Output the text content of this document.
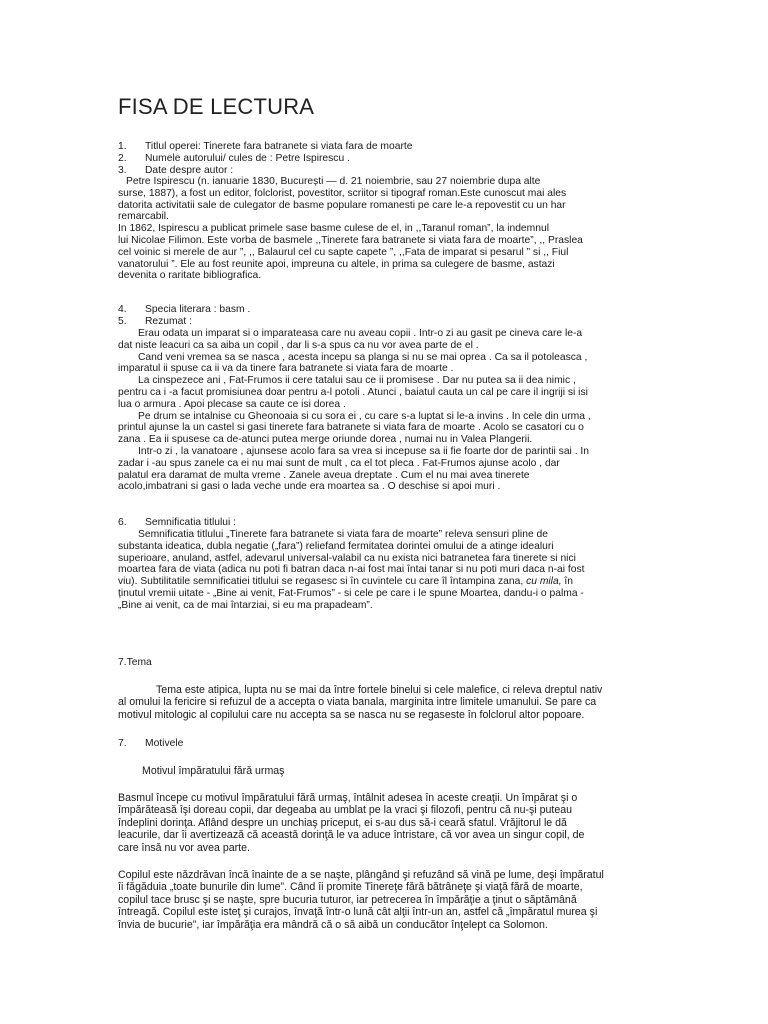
FISA DE LECTURA
1. Titlul operei: Tinerete fara batranete si viata fara de moarte
2. Numele autorului/ cules de : Petre Ispirescu .
3. Date despre autor :
Petre Ispirescu (n. ianuarie 1830, București — d. 21 noiembrie, sau 27 noiembrie dupa alte
surse, 1887), a fost un editor, folclorist, povestitor, scriitor si tipograf roman.Este cunoscut mai ales
datorita activitatii sale de culegator de basme populare romanesti pe care le-a repovestit cu un har
remarcabil.
In 1862, Ispirescu a publicat primele sase basme culese de el, in ,,Taranul roman”, la indemnul
lui Nicolae Filimon. Este vorba de basmele ,,Tinerete fara batranete si viata fara de moarte”, ,, Praslea
cel voinic si merele de aur ”, ,, Balaurul cel cu sapte capete ”, ,,Fata de imparat si pesarul ” si ,, Fiul
vanatorului ”. Ele au fost reunite apoi, impreuna cu altele, in prima sa culegere de basme, astazi
devenita o raritate bibliografica.
4. Specia literara : basm .
5. Rezumat :
Erau odata un imparat si o imparateasa care nu aveau copii . Intr-o zi au gasit pe cineva care le-a
dat niste leacuri ca sa aiba un copil , dar li s-a spus ca nu vor avea parte de el .
Cand veni vremea sa se nasca , acesta incepu sa planga si nu se mai oprea . Ca sa il potoleasca ,
imparatul ii spuse ca ii va da tinere fara batranete si viata fara de moarte .
La cinspezece ani , Fat-Frumos ii cere tatalui sau ce ii promisese . Dar nu putea sa ii dea nimic ,
pentru ca i -a facut promisiunea doar pentru a-l potoli . Atunci , baiatul cauta un cal pe care il ingriji si isi
lua o armura . Apoi plecase sa caute ce isi dorea .
Pe drum se intalnise cu Gheonoaia si cu sora ei , cu care s-a luptat si le-a invins . In cele din urma ,
printul ajunse la un castel si gasi tinerete fara batranete si viata fara de moarte . Acolo se casatori cu o
zana . Ea ii spusese ca de-atunci putea merge oriunde dorea , numai nu in Valea Plangerii.
Intr-o zi , la vanatoare , ajunsese acolo fara sa vrea si incepuse sa ii fie foarte dor de parintii sai . In
zadar i -au spus zanele ca ei nu mai sunt de mult , ca el tot pleca . Fat-Frumos ajunse acolo , dar
palatul era daramat de multa vreme . Zanele aveua dreptate . Cum el nu mai avea tinerete
acolo,imbatrani si gasi o lada veche unde era moartea sa . O deschise si apoi muri .
6. Semnificatia titlului :
Semnificatia titlului „Tinerete fara batranete si viata fara de moarte” releva sensuri pline de
substanta ideatica, dubla negatie („fara”) reliefand fermitatea dorintei omului de a atinge idealuri
superioare, anuland, astfel, adevarul universal-valabil ca nu exista nici batranetea fara tinerete si nici
moartea fara de viata (adica nu poti fi batran daca n-ai fost mai întai tanar si nu poti muri daca n-ai fost
viu). Subtilitatile semnificatiei titlului se regasesc si în cuvintele cu care îl întampina zana, cu mila, în
ținutul vremii uitate - „Bine ai venit, Fat-Frumos” - si cele pe care i le spune Moartea, dandu-i o palma -
„Bine ai venit, ca de mai întarziai, si eu ma prapadeam”.
7.Tema
Tema este atipica, lupta nu se mai da între fortele binelui si cele malefice, ci releva dreptul nativ
al omului la fericire si refuzul de a accepta o viata banala, marginita intre limitele umanului. Se pare ca
motivul mitologic al copilului care nu accepta sa se nasca nu se regaseste în folclorul altor popoare.
7. Motivele
Motivul împăratului fără urmaş
Basmul începe cu motivul împăratului fără urmaş, întâlnit adesea în aceste creaţii. Un împărat şi o
împărăteasă îşi doreau copii, dar degeaba au umblat pe la vraci şi filozofi, pentru că nu-şi puteau
îndeplini dorinţa. Aflând despre un unchiaş priceput, ei s-au dus să-i ceară sfatul. Vrăjitorul le dă
leacurile, dar îi avertizează că această dorinţă le va aduce întristare, că vor avea un singur copil, de
care însă nu vor avea parte.
Copilul este năzdrăvan încă înainte de a se naşte, plângând şi refuzând să vină pe lume, deşi împăratul
îi făgăduia „toate bunurile din lume”. Când îi promite Tinereţe fără bătrâneţe şi viaţă fără de moarte,
copilul tace brusc şi se naşte, spre bucuria tuturor, iar petrecerea în împărăţie a ţinut o săptămână
întreagă. Copilul este isteţ şi curajos, învaţă într-o lună cât alţii într-un an, astfel că „împăratul murea şi
învia de bucurie”, iar împărăţia era mândră că o să aibă un conducător înţelept ca Solomon.
